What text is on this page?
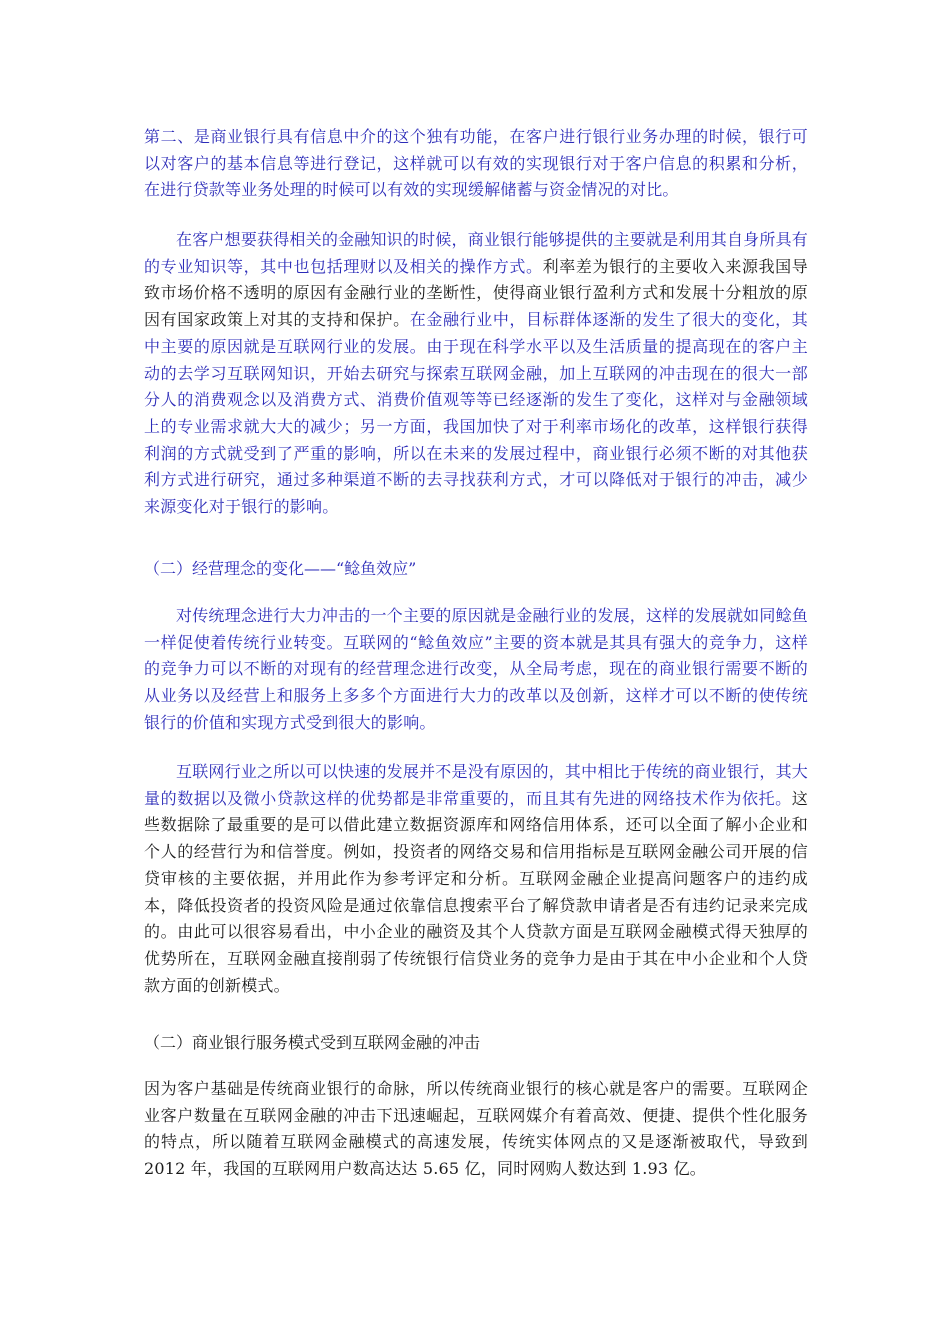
第二、是商业银行具有信息中介的这个独有功能，在客户进行银行业务办理的时候，银行可以对客户的基本信息等进行登记，这样就可以有效的实现银行对于客户信息的积累和分析，在进行贷款等业务处理的时候可以有效的实现缓解储蓄与资金情况的对比。

在客户想要获得相关的金融知识的时候，商业银行能够提供的主要就是利用其自身所具有的专业知识等，其中也包括理财以及相关的操作方式。利率差为银行的主要收入来源我国导致市场价格不透明的原因有金融行业的垄断性，使得商业银行盈利方式和发展十分粗放的原因有国家政策上对其的支持和保护。在金融行业中，目标群体逐渐的发生了很大的变化，其中主要的原因就是互联网行业的发展。由于现在科学水平以及生活质量的提高现在的客户主动的去学习互联网知识，开始去研究与探索互联网金融，加上互联网的冲击现在的很大一部分人的消费观念以及消费方式、消费价值观等等已经逐渐的发生了变化，这样对与金融领域上的专业需求就大大的减少；另一方面，我国加快了对于利率市场化的改革，这样银行获得利润的方式就受到了严重的影响，所以在未来的发展过程中，商业银行必须不断的对其他获利方式进行研究，通过多种渠道不断的去寻找获利方式，才可以降低对于银行的冲击，减少来源变化对于银行的影响。

（二）经营理念的变化——“鲶鱼效应”

对传统理念进行大力冲击的一个主要的原因就是金融行业的发展，这样的发展就如同鲶鱼一样促使着传统行业转变。互联网的“鲶鱼效应”主要的资本就是其具有强大的竞争力，这样的竞争力可以不断的对现有的经营理念进行改变，从全局考虑，现在的商业银行需要不断的从业务以及经营上和服务上多多个方面进行大力的改革以及创新，这样才可以不断的使传统银行的价值和实现方式受到很大的影响。

互联网行业之所以可以快速的发展并不是没有原因的，其中相比于传统的商业银行，其大量的数据以及微小贷款这样的优势都是非常重要的，而且其有先进的网络技术作为依托。这些数据除了最重要的是可以借此建立数据资源库和网络信用体系，还可以全面了解小企业和个人的经营行为和信誉度。例如，投资者的网络交易和信用指标是互联网金融公司开展的信贷审核的主要依据，并用此作为参考评定和分析。互联网金融企业提高问题客户的违约成本，降低投资者的投资风险是通过依靠信息搜索平台了解贷款申请者是否有违约记录来完成的。由此可以很容易看出，中小企业的融资及其个人贷款方面是互联网金融模式得天独厚的优势所在，互联网金融直接削弱了传统银行信贷业务的竞争力是由于其在中小企业和个人贷款方面的创新模式。

（二）商业银行服务模式受到互联网金融的冲击

因为客户基础是传统商业银行的命脉，所以传统商业银行的核心就是客户的需要。互联网企业客户数量在互联网金融的冲击下迅速崛起，互联网媒介有着高效、便捷、提供个性化服务的特点，所以随着互联网金融模式的高速发展，传统实体网点的又是逐渐被取代，导致到 2012 年，我国的互联网用户数高达达 5.65 亿，同时网购人数达到 1.93 亿。
